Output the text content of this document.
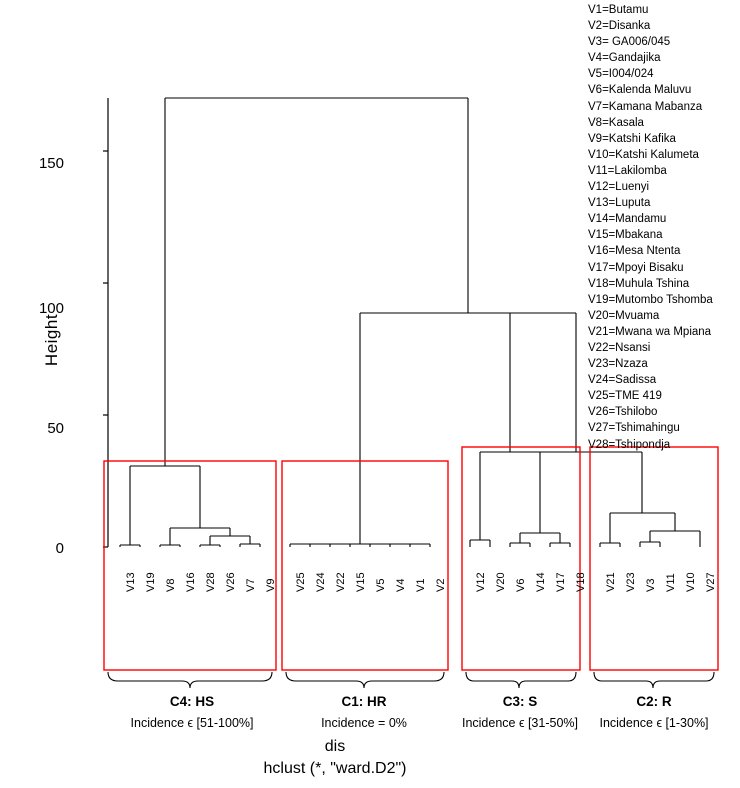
Height
0
50
100
150
V13 V19 V8 V16 V28 V26 V7 V9 V25 V24 V22 V15 V5 V4 V1 V2	V12 V20 V6 V14 V17 V18 V21 V23 V3 V11 V10 V27
C4: HS
Incidence ϵ [51-100%]
C1: HR
Incidence = 0%
C3: S
Incidence ϵ [31-50%]
C2: R
Incidence ϵ [1-30%]
dis
hclust (*, "ward.D2")
V1=Butamu
V2=Disanka
V3= GA006/045
V4=Gandajika
V5=I004/024
V6=Kalenda Maluvu
V7=Kamana Mabanza
V8=Kasala
V9=Katshi Kafika
V10=Katshi Kalumeta
V11=Lakilomba
V12=Luenyi
V13=Luputa
V14=Mandamu
V15=Mbakana
V16=Mesa Ntenta
V17=Mpoyi Bisaku
V18=Muhula Tshina
V19=Mutombo Tshomba
V20=Mvuama
V21=Mwana wa Mpiana
V22=Nsansi
V23=Nzaza
V24=Sadissa
V25=TME 419
V26=Tshilobo
V27=Tshimahingu
V28=Tshipondja
